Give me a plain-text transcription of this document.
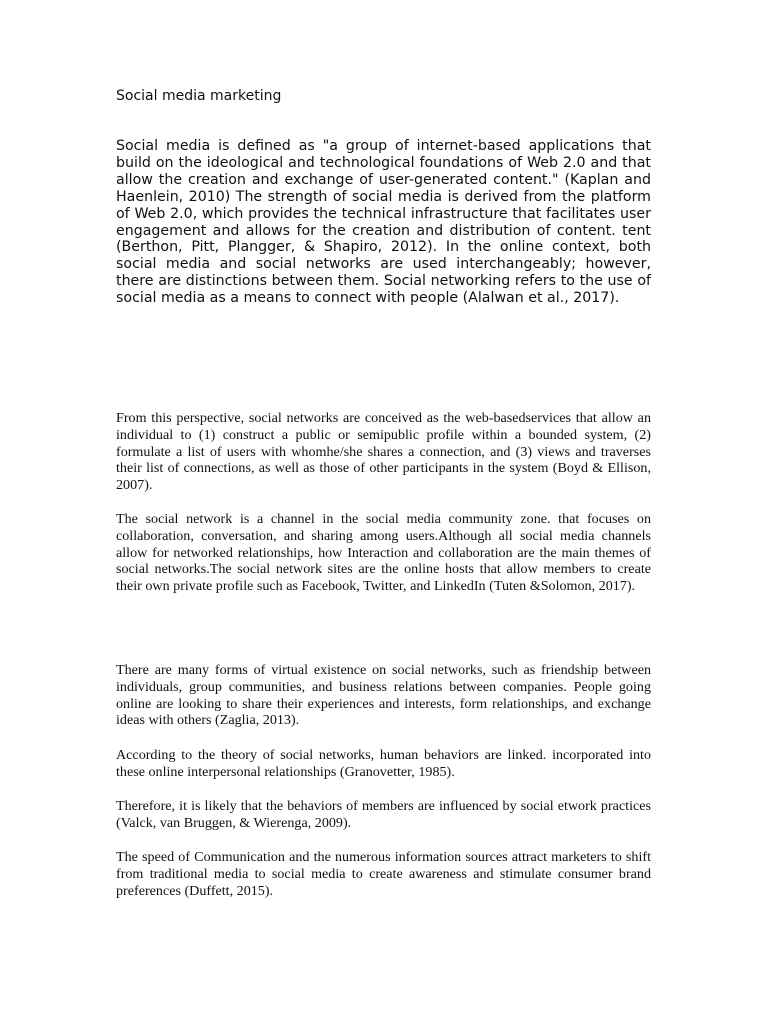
Social media marketing

Social media is defined as "a group of internet-based applications that build on the ideological and technological foundations of Web 2.0 and that allow the creation and exchange of user-generated content." (Kaplan and Haenlein, 2010) The strength of social media is derived from the platform of Web 2.0, which provides the technical infrastructure that facilitates user engagement and allows for the creation and distribution of content. tent (Berthon, Pitt, Plangger, & Shapiro, 2012). In the online context, both social media and social networks are used interchangeably; however, there are distinctions between them. Social networking refers to the use of social media as a means to connect with people (Alalwan et al., 2017).

From this perspective, social networks are conceived as the web-basedservices that allow an individual to (1) construct a public or semipublic profile within a bounded system, (2) formulate a list of users with whomhe/she shares a connection, and (3) views and traverses their list of connections, as well as those of other participants in the system (Boyd & Ellison, 2007).

The social network is a channel in the social media community zone. that focuses on collaboration, conversation, and sharing among users.Although all social media channels allow for networked relationships, how Interaction and collaboration are the main themes of social networks.The social network sites are the online hosts that allow members to create their own private profile such as Facebook, Twitter, and LinkedIn (Tuten &Solomon, 2017).

There are many forms of virtual existence on social networks, such as friendship between individuals, group communities, and business relations between companies. People going online are looking to share their experiences and interests, form relationships, and exchange ideas with others (Zaglia, 2013).

According to the theory of social networks, human behaviors are linked. incorporated into these online interpersonal relationships (Granovetter, 1985).

Therefore, it is likely that the behaviors of members are influenced by social etwork practices (Valck, van Bruggen, & Wierenga, 2009).

The speed of Communication and the numerous information sources attract marketers to shift from traditional media to social media to create awareness and stimulate consumer brand preferences (Duffett, 2015).
